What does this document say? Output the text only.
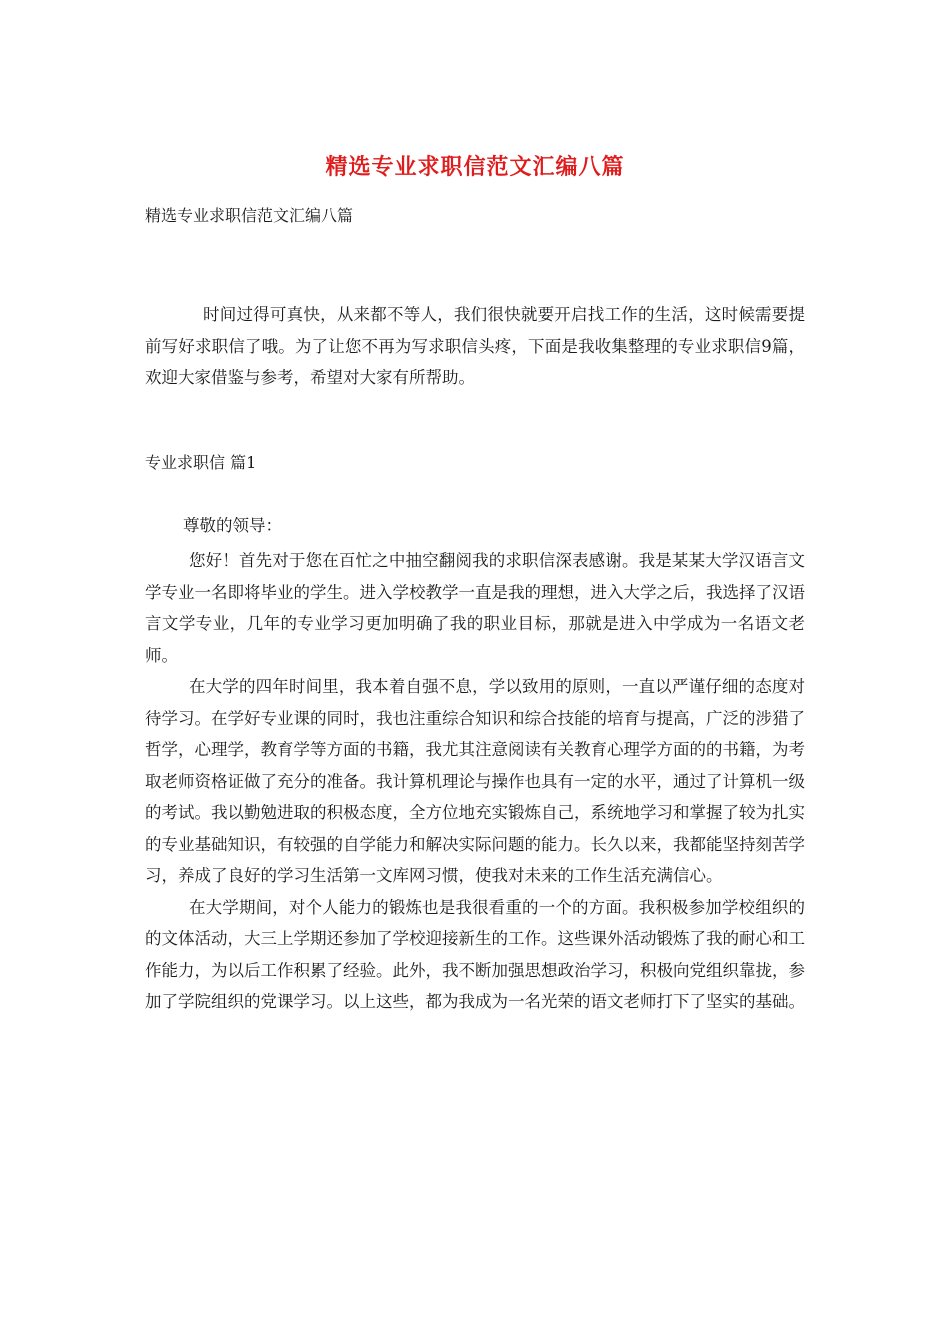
精选专业求职信范文汇编八篇
精选专业求职信范文汇编八篇
时间过得可真快，从来都不等人，我们很快就要开启找工作的生活，这时候需要提前写好求职信了哦。为了让您不再为写求职信头疼，下面是我收集整理的专业求职信9篇，欢迎大家借鉴与参考，希望对大家有所帮助。
专业求职信 篇1
尊敬的领导：

您好！首先对于您在百忙之中抽空翻阅我的求职信深表感谢。我是某某大学汉语言文学专业一名即将毕业的学生。进入学校教学一直是我的理想，进入大学之后，我选择了汉语言文学专业，几年的专业学习更加明确了我的职业目标，那就是进入中学成为一名语文老师。

在大学的四年时间里，我本着自强不息，学以致用的原则，一直以严谨仔细的态度对待学习。在学好专业课的同时，我也注重综合知识和综合技能的培育与提高，广泛的涉猎了哲学，心理学，教育学等方面的书籍，我尤其注意阅读有关教育心理学方面的的书籍，为考取老师资格证做了充分的准备。我计算机理论与操作也具有一定的水平，通过了计算机一级的考试。我以勤勉进取的积极态度，全方位地充实锻炼自己，系统地学习和掌握了较为扎实的专业基础知识，有较强的自学能力和解决实际问题的能力。长久以来，我都能坚持刻苦学习，养成了良好的学习生活第一文库网习惯，使我对未来的工作生活充满信心。

在大学期间，对个人能力的锻炼也是我很看重的一个的方面。我积极参加学校组织的的文体活动，大三上学期还参加了学校迎接新生的工作。这些课外活动锻炼了我的耐心和工作能力，为以后工作积累了经验。此外，我不断加强思想政治学习，积极向党组织靠拢，参加了学院组织的党课学习。以上这些，都为我成为一名光荣的语文老师打下了坚实的基础。
